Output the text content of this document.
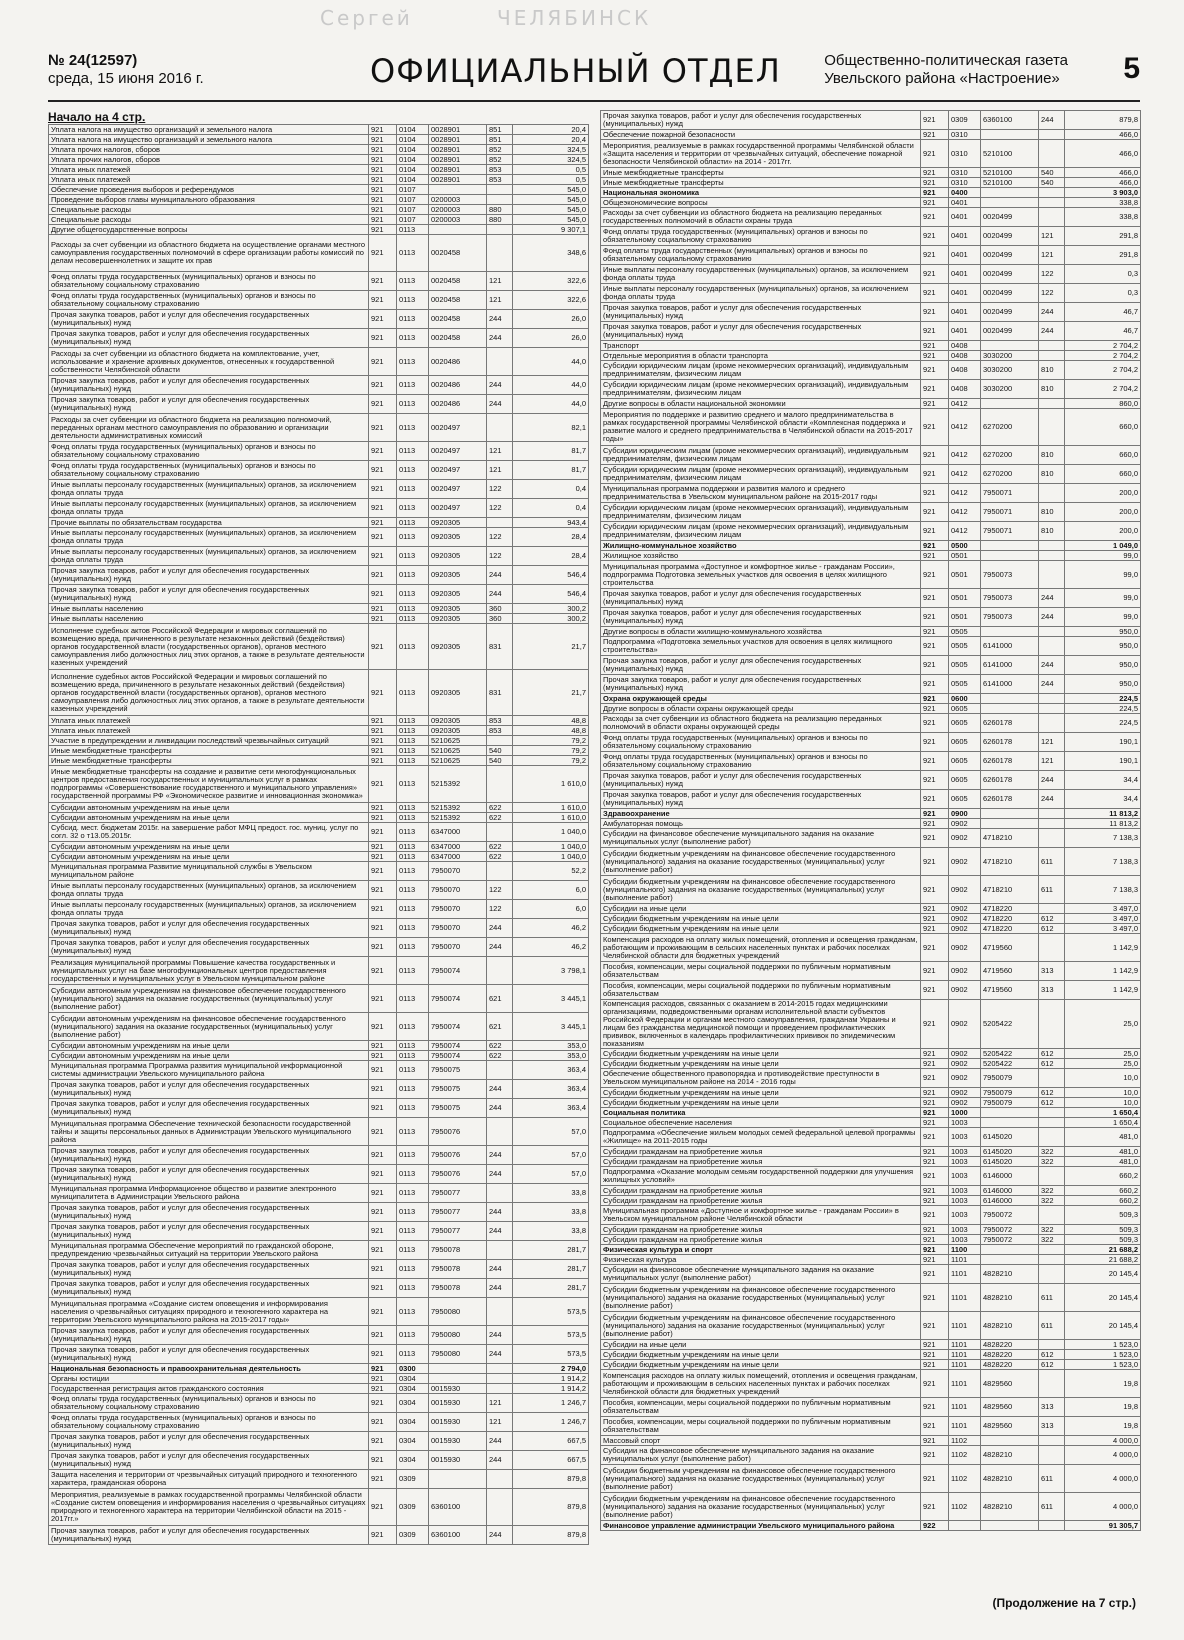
Сергей         ЧЕЛЯБИНСК
№ 24(12597)
среда, 15 июня 2016 г.	ОФИЦИАЛЬНЫЙ ОТДЕЛ	Общественно-политическая газета
Увельского района «Настроение» 5
Начало на 4 стр.
Уплата налога на имущество организаций и земельного налога	921	0104	0028901	851	20,4
Уплата налога на имущество организаций и земельного налога	921	0104	0028901	851	20,4
Уплата прочих налогов, сборов	921	0104	0028901	852	324,5
Уплата прочих налогов, сборов	921	0104	0028901	852	324,5
Уплата иных платежей	921	0104	0028901	853	0,5
Уплата иных платежей	921	0104	0028901	853	0,5
Обеспечение проведения выборов и референдумов	921	0107			545,0
Проведение выборов главы муниципального образования	921	0107	0200003		545,0
Специальные расходы	921	0107	0200003	880	545,0
Специальные расходы	921	0107	0200003	880	545,0
Другие общегосударственные вопросы	921	0113			9 307,1
Расходы за счет субвенции из областного бюджета на осуществление органами местного самоуправления государственных полномочий в сфере организации работы комиссий по делам несовершеннолетних и защите их прав	921	0113	0020458		348,6
Фонд оплаты труда государственных (муниципальных) органов и взносы по обязательному социальному страхованию	921	0113	0020458	121	322,6
Фонд оплаты труда государственных (муниципальных) органов и взносы по обязательному социальному страхованию	921	0113	0020458	121	322,6
Прочая закупка товаров, работ и услуг для обеспечения государственных (муниципальных) нужд	921	0113	0020458	244	26,0
Прочая закупка товаров, работ и услуг для обеспечения государственных (муниципальных) нужд	921	0113	0020458	244	26,0
Расходы за счет субвенции из областного бюджета на комплектование, учет, использование и хранение архивных документов, отнесенных к государственной собственности Челябинской области	921	0113	0020486		44,0
Прочая закупка товаров, работ и услуг для обеспечения государственных (муниципальных) нужд	921	0113	0020486	244	44,0
Прочая закупка товаров, работ и услуг для обеспечения государственных (муниципальных) нужд	921	0113	0020486	244	44,0
Расходы за счет субвенции из областного бюджета на реализацию полномочий, переданных органам местного самоуправления по образованию и организации деятельности административных комиссий	921	0113	0020497		82,1
Фонд оплаты труда государственных (муниципальных) органов и взносы по обязательному социальному страхованию	921	0113	0020497	121	81,7
Фонд оплаты труда государственных (муниципальных) органов и взносы по обязательному социальному страхованию	921	0113	0020497	121	81,7
Иные выплаты персоналу государственных (муниципальных) органов, за исключением фонда оплаты труда	921	0113	0020497	122	0,4
Иные выплаты персоналу государственных (муниципальных) органов, за исключением фонда оплаты труда	921	0113	0020497	122	0,4
Прочие выплаты по обязательствам государства	921	0113	0920305		943,4
Иные выплаты персоналу государственных (муниципальных) органов, за исключением фонда оплаты труда	921	0113	0920305	122	28,4
Иные выплаты персоналу государственных (муниципальных) органов, за исключением фонда оплаты труда	921	0113	0920305	122	28,4
Прочая закупка товаров, работ и услуг для обеспечения государственных (муниципальных) нужд	921	0113	0920305	244	546,4
Прочая закупка товаров, работ и услуг для обеспечения государственных (муниципальных) нужд	921	0113	0920305	244	546,4
Иные выплаты населению	921	0113	0920305	360	300,2
Иные выплаты населению	921	0113	0920305	360	300,2
Исполнение судебных актов Российской Федерации и мировых соглашений по возмещению вреда, причиненного в результате незаконных действий (бездействия) органов государственной власти (государственных органов), органов местного самоуправления либо должностных лиц этих органов, а также в результате деятельности казенных учреждений	921	0113	0920305	831	21,7
Исполнение судебных актов Российской Федерации и мировых соглашений по возмещению вреда, причиненного в результате незаконных действий (бездействия) органов государственной власти (государственных органов), органов местного самоуправления либо должностных лиц этих органов, а также в результате деятельности казенных учреждений	921	0113	0920305	831	21,7
Уплата иных платежей	921	0113	0920305	853	48,8
Уплата иных платежей	921	0113	0920305	853	48,8
Участие в предупреждении и ликвидации последствий чрезвычайных ситуаций	921	0113	5210625		79,2
Иные межбюджетные трансферты	921	0113	5210625	540	79,2
Иные межбюджетные трансферты	921	0113	5210625	540	79,2
Иные межбюджетные трансферты на создание и развитие сети многофункциональных центров предоставления государственных и муниципальных услуг в рамках подпрограммы «Совершенствование государственного и муниципального управления» государственной программы РФ «Экономическое развитие и инновационная экономика»	921	0113	5215392		1 610,0
Субсидии автономным учреждениям на иные цели	921	0113	5215392	622	1 610,0
Субсидии автономным учреждениям на иные цели	921	0113	5215392	622	1 610,0
Субсид. мест. бюджетам 2015г. на завершение работ МФЦ предост. гос. муниц. услуг по согл. 32 о т13.05.2015г.	921	0113	6347000		1 040,0
Субсидии автономным учреждениям на иные цели	921	0113	6347000	622	1 040,0
Субсидии автономным учреждениям на иные цели	921	0113	6347000	622	1 040,0
Муниципальная программа Развитие муниципальной службы в Увельском муниципальном районе	921	0113	7950070		52,2
Иные выплаты персоналу государственных (муниципальных) органов, за исключением фонда оплаты труда	921	0113	7950070	122	6,0
Иные выплаты персоналу государственных (муниципальных) органов, за исключением фонда оплаты труда	921	0113	7950070	122	6,0
Прочая закупка товаров, работ и услуг для обеспечения государственных (муниципальных) нужд	921	0113	7950070	244	46,2
Прочая закупка товаров, работ и услуг для обеспечения государственных (муниципальных) нужд	921	0113	7950070	244	46,2
Реализация муниципальной программы Повышение качества государственных и муниципальных услуг на базе многофункциональных центров предоставления государственных и муниципальных услуг в Увельском муниципальном районе	921	0113	7950074		3 798,1
Субсидии автономным учреждениям на финансовое обеспечение государственного (муниципального) задания на оказание государственных (муниципальных) услуг (выполнение работ)	921	0113	7950074	621	3 445,1
Субсидии автономным учреждениям на финансовое обеспечение государственного (муниципального) задания на оказание государственных (муниципальных) услуг (выполнение работ)	921	0113	7950074	621	3 445,1
Субсидии автономным учреждениям на иные цели	921	0113	7950074	622	353,0
Субсидии автономным учреждениям на иные цели	921	0113	7950074	622	353,0
Муниципальная программа Программа развития муниципальной информационной системы администрации Увельского муниципального района	921	0113	7950075		363,4
Прочая закупка товаров, работ и услуг для обеспечения государственных (муниципальных) нужд	921	0113	7950075	244	363,4
Прочая закупка товаров, работ и услуг для обеспечения государственных (муниципальных) нужд	921	0113	7950075	244	363,4
Муниципальная программа Обеспечение технической безопасности государственной тайны и защиты персональных данных в Администрации Увельского муниципального района	921	0113	7950076		57,0
Прочая закупка товаров, работ и услуг для обеспечения государственных (муниципальных) нужд	921	0113	7950076	244	57,0
Прочая закупка товаров, работ и услуг для обеспечения государственных (муниципальных) нужд	921	0113	7950076	244	57,0
Муниципальная программа Информационное общество и развитие электронного муниципалитета в Администрации Увельского района	921	0113	7950077		33,8
Прочая закупка товаров, работ и услуг для обеспечения государственных (муниципальных) нужд	921	0113	7950077	244	33,8
Прочая закупка товаров, работ и услуг для обеспечения государственных (муниципальных) нужд	921	0113	7950077	244	33,8
Муниципальная программа Обеспечение мероприятий по гражданской обороне, предупреждению чрезвычайных ситуаций на территории Увельского района	921	0113	7950078		281,7
Прочая закупка товаров, работ и услуг для обеспечения государственных (муниципальных) нужд	921	0113	7950078	244	281,7
Прочая закупка товаров, работ и услуг для обеспечения государственных (муниципальных) нужд	921	0113	7950078	244	281,7
Муниципальная программа «Создание систем оповещения и информирования населения о чрезвычайных ситуациях природного и техногенного характера на территории Увельского муниципального района на 2015-2017 годы»	921	0113	7950080		573,5
Прочая закупка товаров, работ и услуг для обеспечения государственных (муниципальных) нужд	921	0113	7950080	244	573,5
Прочая закупка товаров, работ и услуг для обеспечения государственных (муниципальных) нужд	921	0113	7950080	244	573,5
Национальная безопасность и правоохранительная деятельность	921	0300			2 794,0
Органы юстиции	921	0304			1 914,2
Государственная регистрация актов гражданского состояния	921	0304	0015930		1 914,2
Фонд оплаты труда государственных (муниципальных) органов и взносы по обязательному социальному страхованию	921	0304	0015930	121	1 246,7
Фонд оплаты труда государственных (муниципальных) органов и взносы по обязательному социальному страхованию	921	0304	0015930	121	1 246,7
Прочая закупка товаров, работ и услуг для обеспечения государственных (муниципальных) нужд	921	0304	0015930	244	667,5
Прочая закупка товаров, работ и услуг для обеспечения государственных (муниципальных) нужд	921	0304	0015930	244	667,5
Защита населения и территории от чрезвычайных ситуаций природного и техногенного характера, гражданская оборона	921	0309			879,8
Мероприятия, реализуемые в рамках государственной программы Челябинской области «Создание систем оповещения и информирования населения о чрезвычайных ситуациях природного и техногенного характера на территории Челябинской области на 2015 - 2017гг.»	921	0309	6360100		879,8
Прочая закупка товаров, работ и услуг для обеспечения государственных (муниципальных) нужд	921	0309	6360100	244	879,8
Прочая закупка товаров, работ и услуг для обеспечения государственных (муниципальных) нужд	921	0309	6360100	244	879,8
Обеспечение пожарной безопасности	921	0310			466,0
Мероприятия, реализуемые в рамках государственной программы Челябинской области «Защита населения и территории от чрезвычайных ситуаций, обеспечение пожарной безопасности Челябинской области» на 2014 - 2017гг.	921	0310	5210100		466,0
Иные межбюджетные трансферты	921	0310	5210100	540	466,0
Иные межбюджетные трансферты	921	0310	5210100	540	466,0
Национальная экономика	921	0400			3 903,0
Общеэкономические вопросы	921	0401			338,8
Расходы за счет субвенции из областного бюджета на реализацию переданных государственных полномочий в области охраны труда	921	0401	0020499		338,8
Фонд оплаты труда государственных (муниципальных) органов и взносы по обязательному социальному страхованию	921	0401	0020499	121	291,8
Фонд оплаты труда государственных (муниципальных) органов и взносы по обязательному социальному страхованию	921	0401	0020499	121	291,8
Иные выплаты персоналу государственных (муниципальных) органов, за исключением фонда оплаты труда	921	0401	0020499	122	0,3
Иные выплаты персоналу государственных (муниципальных) органов, за исключением фонда оплаты труда	921	0401	0020499	122	0,3
Прочая закупка товаров, работ и услуг для обеспечения государственных (муниципальных) нужд	921	0401	0020499	244	46,7
Прочая закупка товаров, работ и услуг для обеспечения государственных (муниципальных) нужд	921	0401	0020499	244	46,7
Транспорт	921	0408			2 704,2
Отдельные мероприятия в области транспорта	921	0408	3030200		2 704,2
Субсидии юридическим лицам (кроме некоммерческих организаций), индивидуальным предпринимателям, физическим лицам	921	0408	3030200	810	2 704,2
Субсидии юридическим лицам (кроме некоммерческих организаций), индивидуальным предпринимателям, физическим лицам	921	0408	3030200	810	2 704,2
Другие вопросы в области национальной экономики	921	0412			860,0
Мероприятия по поддержке и развитию среднего и малого предпринимательства в рамках государственной программы Челябинской области «Комплексная поддержка и развитие малого и среднего предпринимательства в Челябинской области на 2015-2017 годы»	921	0412	6270200		660,0
Субсидии юридическим лицам (кроме некоммерческих организаций), индивидуальным предпринимателям, физическим лицам	921	0412	6270200	810	660,0
Субсидии юридическим лицам (кроме некоммерческих организаций), индивидуальным предпринимателям, физическим лицам	921	0412	6270200	810	660,0
Муниципальная программа поддержки и развития малого и среднего предпринимательства в Увельском муниципальном районе на 2015-2017 годы	921	0412	7950071		200,0
Субсидии юридическим лицам (кроме некоммерческих организаций), индивидуальным предпринимателям, физическим лицам	921	0412	7950071	810	200,0
Субсидии юридическим лицам (кроме некоммерческих организаций), индивидуальным предпринимателям, физическим лицам	921	0412	7950071	810	200,0
Жилищно-коммунальное хозяйство	921	0500			1 049,0
Жилищное хозяйство	921	0501			99,0
Муниципальная программа «Доступное и комфортное жилье - гражданам России», подпрограмма Подготовка земельных участков для освоения в целях жилищного строительства	921	0501	7950073		99,0
Прочая закупка товаров, работ и услуг для обеспечения государственных (муниципальных) нужд	921	0501	7950073	244	99,0
Прочая закупка товаров, работ и услуг для обеспечения государственных (муниципальных) нужд	921	0501	7950073	244	99,0
Другие вопросы в области жилищно-коммунального хозяйства	921	0505			950,0
Подпрограмма «Подготовка земельных участков для освоения в целях жилищного строительства»	921	0505	6141000		950,0
Прочая закупка товаров, работ и услуг для обеспечения государственных (муниципальных) нужд	921	0505	6141000	244	950,0
Прочая закупка товаров, работ и услуг для обеспечения государственных (муниципальных) нужд	921	0505	6141000	244	950,0
Охрана окружающей среды	921	0600			224,5
Другие вопросы в области охраны окружающей среды	921	0605			224,5
Расходы за счет субвенции из областного бюджета на реализацию переданных полномочий в области охраны окружающей среды	921	0605	6260178		224,5
Фонд оплаты труда государственных (муниципальных) органов и взносы по обязательному социальному страхованию	921	0605	6260178	121	190,1
Фонд оплаты труда государственных (муниципальных) органов и взносы по обязательному социальному страхованию	921	0605	6260178	121	190,1
Прочая закупка товаров, работ и услуг для обеспечения государственных (муниципальных) нужд	921	0605	6260178	244	34,4
Прочая закупка товаров, работ и услуг для обеспечения государственных (муниципальных) нужд	921	0605	6260178	244	34,4
Здравоохранение	921	0900			11 813,2
Амбулаторная помощь	921	0902			11 813,2
Субсидии на финансовое обеспечение муниципального задания на оказание муниципальных услуг (выполнение работ)	921	0902	4718210		7 138,3
Субсидии бюджетным учреждениям на финансовое обеспечение государственного (муниципального) задания на оказание государственных (муниципальных) услуг (выполнение работ)	921	0902	4718210	611	7 138,3
Субсидии бюджетным учреждениям на финансовое обеспечение государственного (муниципального) задания на оказание государственных (муниципальных) услуг (выполнение работ)	921	0902	4718210	611	7 138,3
Субсидии на иные цели	921	0902	4718220		3 497,0
Субсидии бюджетным учреждениям на иные цели	921	0902	4718220	612	3 497,0
Субсидии бюджетным учреждениям на иные цели	921	0902	4718220	612	3 497,0
Компенсация расходов на оплату жилых помещений, отопления и освещения гражданам, работающим и проживающим в сельских населенных пунктах и рабочих поселках Челябинской области для бюджетных учреждений	921	0902	4719560		1 142,9
Пособия, компенсации, меры социальной поддержки по публичным нормативным обязательствам	921	0902	4719560	313	1 142,9
Пособия, компенсации, меры социальной поддержки по публичным нормативным обязательствам	921	0902	4719560	313	1 142,9
Компенсация расходов, связанных с оказанием в 2014-2015 годах медицинскими организациями, подведомственными органам исполнительной власти субъектов Российской Федерации и органам местного самоуправления, гражданам Украины и лицам без гражданства медицинской помощи и проведением профилактических прививок, включенных в календарь профилактических прививок по эпидемическим показаниям	921	0902	5205422		25,0
Субсидии бюджетным учреждениям на иные цели	921	0902	5205422	612	25,0
Субсидии бюджетным учреждениям на иные цели	921	0902	5205422	612	25,0
Обеспечение общественного правопорядка и противодействие преступности в Увельском муниципальном районе на 2014 - 2016 годы	921	0902	7950079		10,0
Субсидии бюджетным учреждениям на иные цели	921	0902	7950079	612	10,0
Субсидии бюджетным учреждениям на иные цели	921	0902	7950079	612	10,0
Социальная политика	921	1000			1 650,4
Социальное обеспечение населения	921	1003			1 650,4
Подпрограмма «Обеспечение жильем молодых семей федеральной целевой программы «Жилище» на 2011-2015 годы	921	1003	6145020		481,0
Субсидии гражданам на приобретение жилья	921	1003	6145020	322	481,0
Субсидии гражданам на приобретение жилья	921	1003	6145020	322	481,0
Подпрограмма «Оказание молодым семьям государственной поддержки для улучшения жилищных условий»	921	1003	6146000		660,2
Субсидии гражданам на приобретение жилья	921	1003	6146000	322	660,2
Субсидии гражданам на приобретение жилья	921	1003	6146000	322	660,2
Муниципальная программа «Доступное и комфортное жилье - гражданам России» в Увельском муниципальном районе Челябинской области	921	1003	7950072		509,3
Субсидии гражданам на приобретение жилья	921	1003	7950072	322	509,3
Субсидии гражданам на приобретение жилья	921	1003	7950072	322	509,3
Физическая культура и спорт	921	1100			21 688,2
Физическая культура	921	1101			21 688,2
Субсидии на финансовое обеспечение муниципального задания на оказание муниципальных услуг (выполнение работ)	921	1101	4828210		20 145,4
Субсидии бюджетным учреждениям на финансовое обеспечение государственного (муниципального) задания на оказание государственных (муниципальных) услуг (выполнение работ)	921	1101	4828210	611	20 145,4
Субсидии бюджетным учреждениям на финансовое обеспечение государственного (муниципального) задания на оказание государственных (муниципальных) услуг (выполнение работ)	921	1101	4828210	611	20 145,4
Субсидии на иные цели	921	1101	4828220		1 523,0
Субсидии бюджетным учреждениям на иные цели	921	1101	4828220	612	1 523,0
Субсидии бюджетным учреждениям на иные цели	921	1101	4828220	612	1 523,0
Компенсация расходов на оплату жилых помещений, отопления и освещения гражданам, работающим и проживающим в сельских населенных пунктах и рабочих поселках Челябинской области для бюджетных учреждений	921	1101	4829560		19,8
Пособия, компенсации, меры социальной поддержки по публичным нормативным обязательствам	921	1101	4829560	313	19,8
Пособия, компенсации, меры социальной поддержки по публичным нормативным обязательствам	921	1101	4829560	313	19,8
Массовый спорт	921	1102			4 000,0
Субсидии на финансовое обеспечение муниципального задания на оказание муниципальных услуг (выполнение работ)	921	1102	4828210		4 000,0
Субсидии бюджетным учреждениям на финансовое обеспечение государственного (муниципального) задания на оказание государственных (муниципальных) услуг (выполнение работ)	921	1102	4828210	611	4 000,0
Субсидии бюджетным учреждениям на финансовое обеспечение государственного (муниципального) задания на оказание государственных (муниципальных) услуг (выполнение работ)	921	1102	4828210	611	4 000,0
Финансовое управление администрации Увельского муниципального района	922				91 305,7
(Продолжение на 7 стр.)
